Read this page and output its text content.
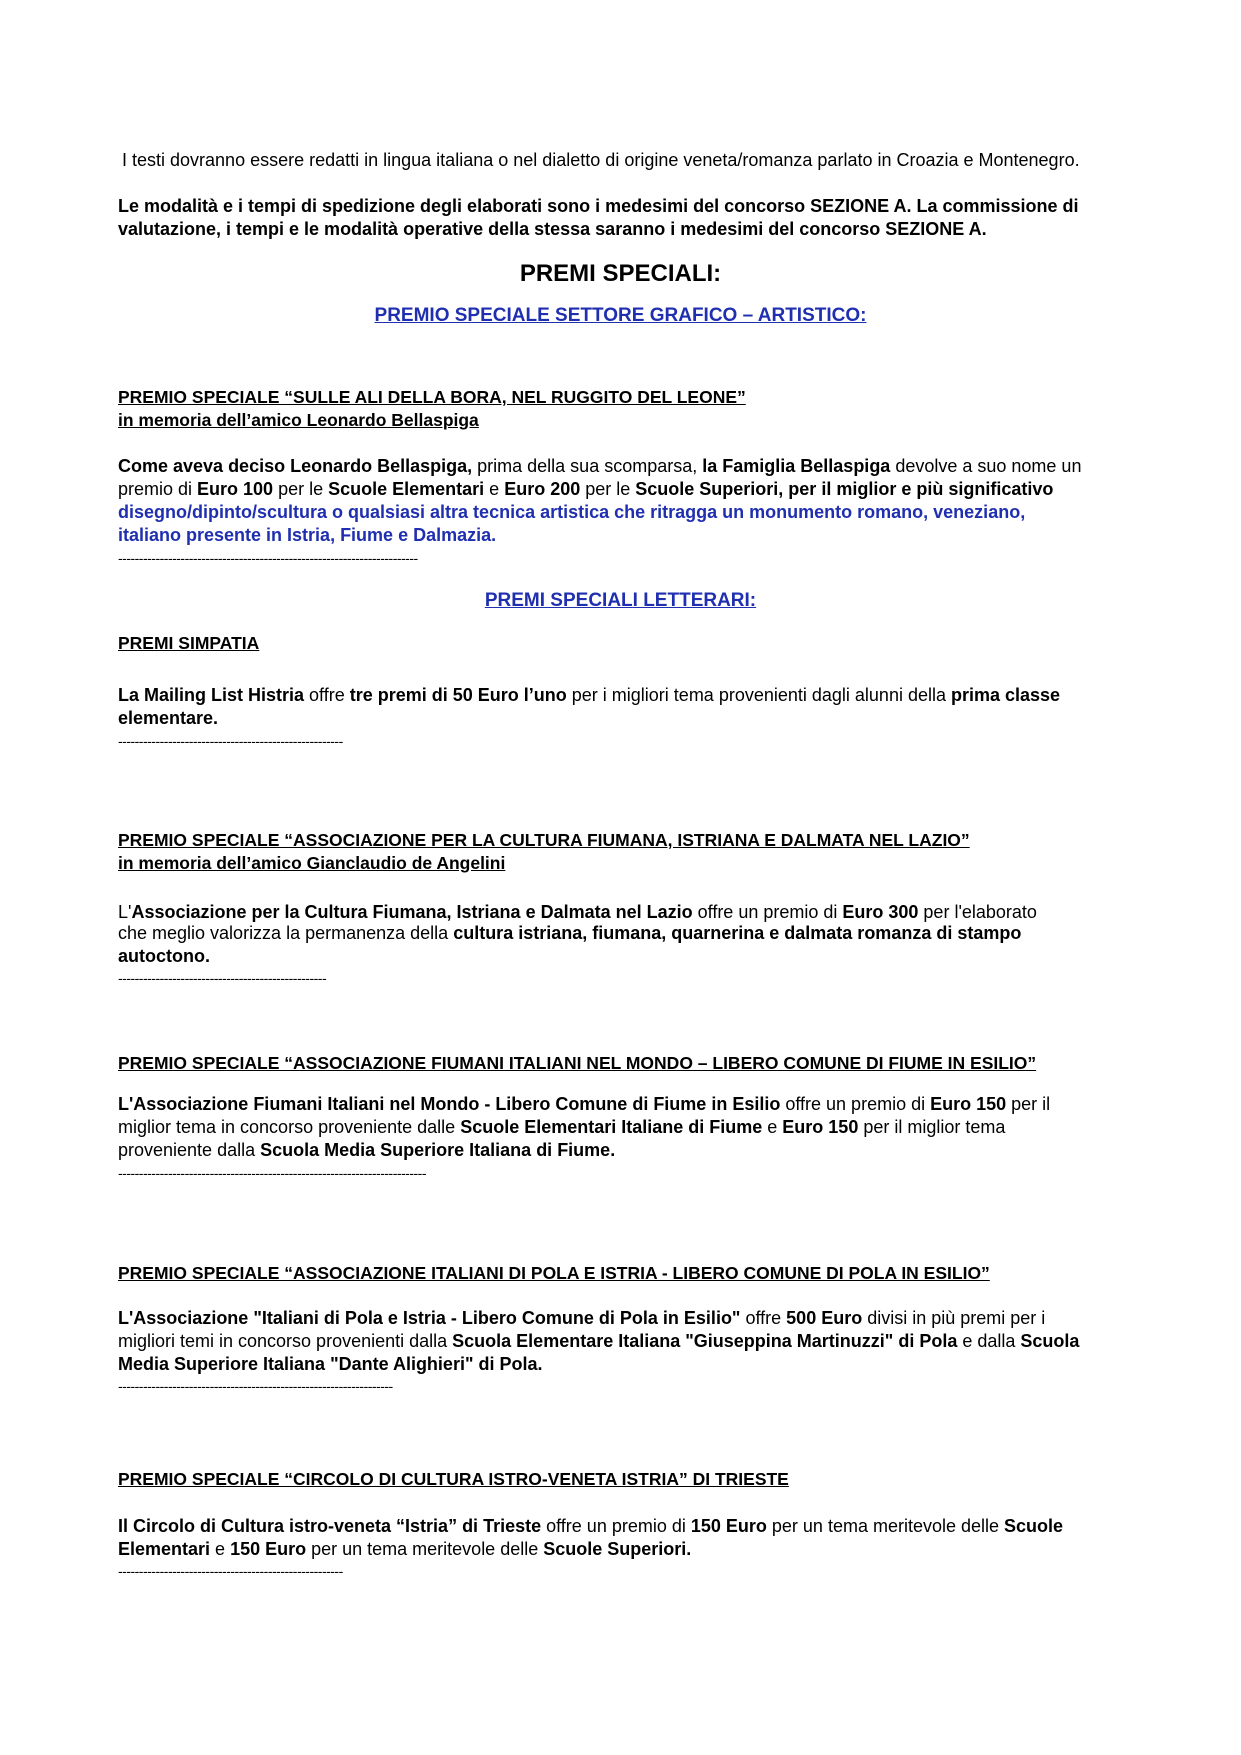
I testi dovranno essere redatti in lingua italiana o nel dialetto di origine veneta/romanza parlato in Croazia e Montenegro.
Le modalità e i tempi di spedizione degli elaborati sono i medesimi del concorso SEZIONE A. La commissione di
valutazione, i tempi e le modalità operative della stessa saranno i medesimi del concorso SEZIONE A.
PREMI SPECIALI:
PREMIO SPECIALE SETTORE GRAFICO – ARTISTICO:
PREMIO SPECIALE “SULLE ALI DELLA BORA, NEL RUGGITO DEL LEONE”
in memoria dell’amico Leonardo Bellaspiga
Come aveva deciso Leonardo Bellaspiga, prima della sua scomparsa, la Famiglia Bellaspiga devolve a suo nome un
premio di Euro 100 per le Scuole Elementari e Euro 200 per le Scuole Superiori, per il miglior e più significativo
disegno/dipinto/scultura o qualsiasi altra tecnica artistica che ritragga un monumento romano, veneziano,
italiano presente in Istria, Fiume e Dalmazia.
------------------------------------------------------------------------
PREMI SPECIALI LETTERARI:
PREMI SIMPATIA
La Mailing List Histria offre tre premi di 50 Euro l’uno per i migliori tema provenienti dagli alunni della prima classe
elementare.
------------------------------------------------------
PREMIO SPECIALE “ASSOCIAZIONE PER LA CULTURA FIUMANA, ISTRIANA E DALMATA NEL LAZIO”
in memoria dell’amico Gianclaudio de Angelini
L'Associazione per la Cultura Fiumana, Istriana e Dalmata nel Lazio offre un premio di Euro 300 per l'elaborato
che meglio valorizza la permanenza della cultura istriana, fiumana, quarnerina e dalmata romanza di stampo
autoctono.
--------------------------------------------------
PREMIO SPECIALE “ASSOCIAZIONE FIUMANI ITALIANI NEL MONDO – LIBERO COMUNE DI FIUME IN ESILIO”
L'Associazione Fiumani Italiani nel Mondo - Libero Comune di Fiume in Esilio offre un premio di Euro 150 per il
miglior tema in concorso proveniente dalle Scuole Elementari Italiane di Fiume e Euro 150 per il miglior tema
proveniente dalla Scuola Media Superiore Italiana di Fiume.
--------------------------------------------------------------------------
PREMIO SPECIALE “ASSOCIAZIONE ITALIANI DI POLA E ISTRIA - LIBERO COMUNE DI POLA IN ESILIO”
L'Associazione "Italiani di Pola e Istria - Libero Comune di Pola in Esilio" offre 500 Euro divisi in più premi per i
migliori temi in concorso provenienti dalla Scuola Elementare Italiana "Giuseppina Martinuzzi" di Pola e dalla Scuola
Media Superiore Italiana "Dante Alighieri" di Pola.
------------------------------------------------------------------
PREMIO SPECIALE “CIRCOLO DI CULTURA ISTRO-VENETA ISTRIA” DI TRIESTE
Il Circolo di Cultura istro-veneta “Istria” di Trieste offre un premio di 150 Euro per un tema meritevole delle Scuole
Elementari e 150 Euro per un tema meritevole delle Scuole Superiori.
------------------------------------------------------
